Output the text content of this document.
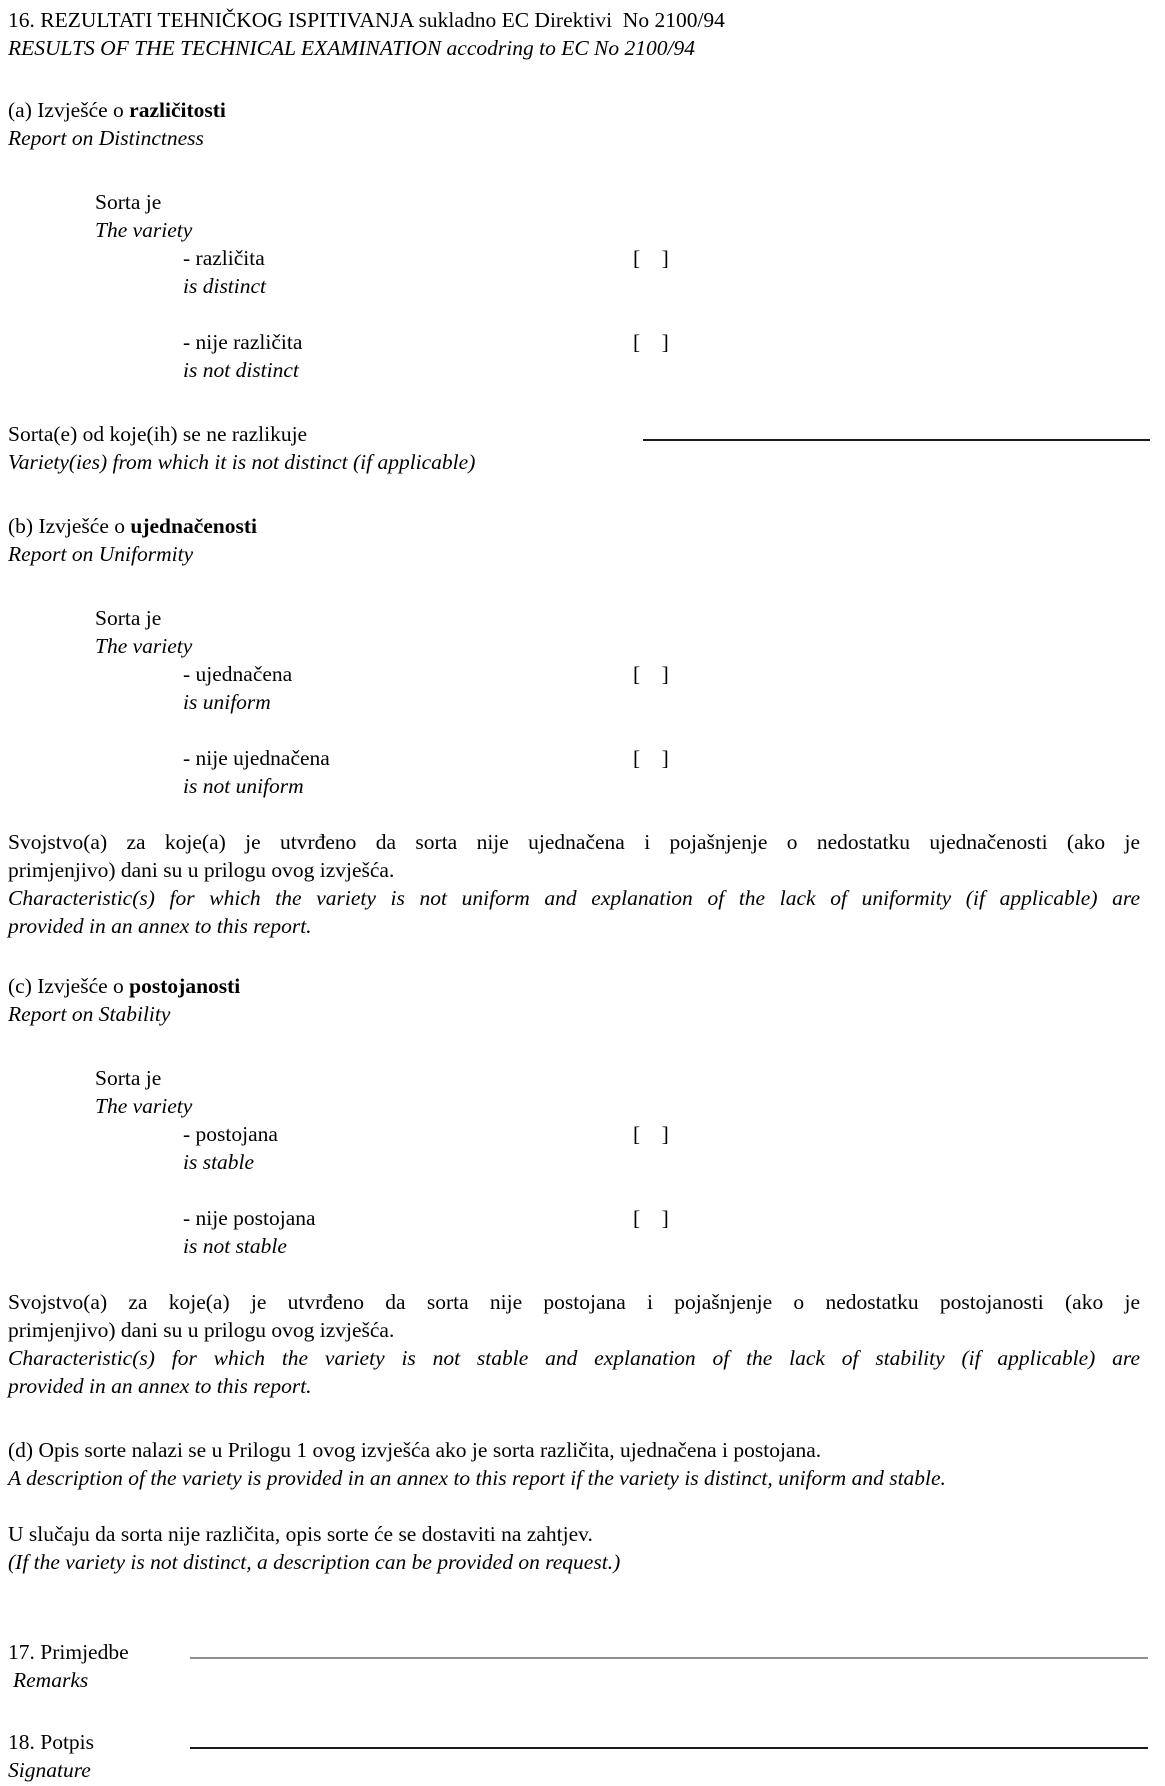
16. REZULTATI TEHNIČKOG ISPITIVANJA sukladno EC Direktivi  No 2100/94
RESULTS OF THE TECHNICAL EXAMINATION accodring to EC No 2100/94
(a) Izvješće o različitosti
Report on Distinctness
Sorta je
The variety
- različita	[    ]
is distinct
- nije različita	[    ]
is not distinct
Sorta(e) od koje(ih) se ne razlikuje
Variety(ies) from which it is not distinct (if applicable)
(b) Izvješće o ujednačenosti
Report on Uniformity
Sorta je
The variety
- ujednačena	[    ]
is uniform
- nije ujednačena	[    ]
is not uniform
Svojstvo(a) za koje(a) je utvrđeno da sorta nije ujednačena i pojašnjenje o nedostatku ujednačenosti (ako je
primjenjivo) dani su u prilogu ovog izvješća.
Characteristic(s) for which the variety is not uniform and explanation of the lack of uniformity (if applicable) are
provided in an annex to this report.
(c) Izvješće o postojanosti
Report on Stability
Sorta je
The variety
- postojana	[    ]
is stable
- nije postojana	[    ]
is not stable
Svojstvo(a) za koje(a) je utvrđeno da sorta nije postojana i pojašnjenje o nedostatku postojanosti (ako je
primjenjivo) dani su u prilogu ovog izvješća.
Characteristic(s) for which the variety is not stable and explanation of the lack of stability (if applicable) are
provided in an annex to this report.
(d) Opis sorte nalazi se u Prilogu 1 ovog izvješća ako je sorta različita, ujednačena i postojana.
A description of the variety is provided in an annex to this report if the variety is distinct, uniform and stable.
U slučaju da sorta nije različita, opis sorte će se dostaviti na zahtjev.
(If the variety is not distinct, a description can be provided on request.)
17. Primjedbe
Remarks
18. Potpis
Signature
